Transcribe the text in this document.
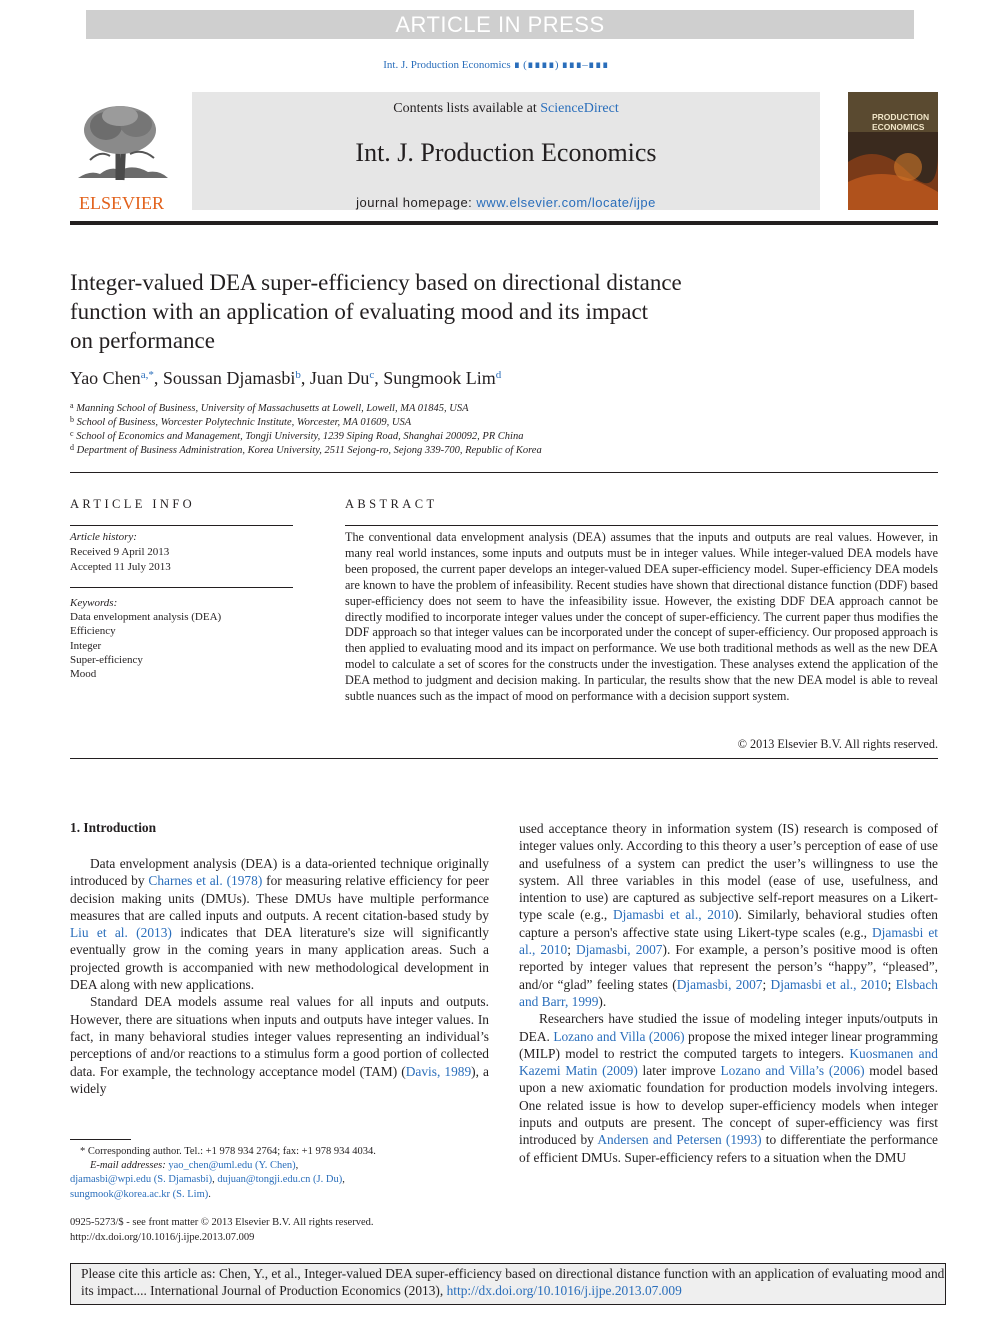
ARTICLE IN PRESS
Int. J. Production Economics ∎ (∎∎∎∎) ∎∎∎–∎∎∎
ELSEVIER
Contents lists available at ScienceDirect
Int. J. Production Economics
journal homepage: www.elsevier.com/locate/ijpe
PRODUCTION
ECONOMICS
Integer-valued DEA super-efficiency based on directional distance
function with an application of evaluating mood and its impact
on performance
Yao Chen$^{a,*}$, Soussan Djamasbi$^b$, Juan Du$^c$, Sungmook Lim$^d$
$^a$ Manning School of Business, University of Massachusetts at Lowell, Lowell, MA 01845, USA
$^b$ School of Business, Worcester Polytechnic Institute, Worcester, MA 01609, USA
$^c$ School of Economics and Management, Tongji University, 1239 Siping Road, Shanghai 200092, PR China
$^d$ Department of Business Administration, Korea University, 2511 Sejong-ro, Sejong 339-700, Republic of Korea
ARTICLE INFO
Article history:
Received 9 April 2013
Accepted 11 July 2013
Keywords:
Data envelopment analysis (DEA)
Efficiency
Integer
Super-efficiency
Mood
ABSTRACT
The conventional data envelopment analysis (DEA) assumes that the inputs and outputs are real values. However, in many real world instances, some inputs and outputs must be in integer values. While integer-valued DEA models have been proposed, the current paper develops an integer-valued DEA super-efficiency model. Super-efficiency DEA models are known to have the problem of infeasibility. Recent studies have shown that directional distance function (DDF) based super-efficiency does not seem to have the infeasibility issue. However, the existing DDF DEA approach cannot be directly modified to incorporate integer values under the concept of super-efficiency. The current paper thus modifies the DDF approach so that integer values can be incorporated under the concept of super-efficiency. Our proposed approach is then applied to evaluating mood and its impact on performance. We use both traditional methods as well as the new DEA model to calculate a set of scores for the constructs under the investigation. These analyses extend the application of the DEA method to judgment and decision making. In particular, the results show that the new DEA model is able to reveal subtle nuances such as the impact of mood on performance with a decision support system.
© 2013 Elsevier B.V. All rights reserved.
1. Introduction

Data envelopment analysis (DEA) is a data-oriented technique originally introduced by Charnes et al. (1978) for measuring relative efficiency for peer decision making units (DMUs). These DMUs have multiple performance measures that are called inputs and outputs. A recent citation-based study by Liu et al. (2013) indicates that DEA literature's size will significantly eventually grow in the coming years in many application areas. Such a projected growth is accompanied with new methodological development in DEA along with new applications.

Standard DEA models assume real values for all inputs and outputs. However, there are situations when inputs and outputs have integer values. In fact, in many behavioral studies integer values representing an individual’s perceptions of and/or reactions to a stimulus form a good portion of collected data. For example, the technology acceptance model (TAM) (Davis, 1989), a widely

used acceptance theory in information system (IS) research is composed of integer values only. According to this theory a user’s perception of ease of use and usefulness of a system can predict the user’s willingness to use the system. All three variables in this model (ease of use, usefulness, and intention to use) are captured as subjective self-report measures on a Likert-type scale (e.g., Djamasbi et al., 2010). Similarly, behavioral studies often capture a person's affective state using Likert-type scales (e.g., Djamasbi et al., 2010; Djamasbi, 2007). For example, a person’s positive mood is often reported by integer values that represent the person’s “happy”, “pleased”, and/or “glad” feeling states (Djamasbi, 2007; Djamasbi et al., 2010; Elsbach and Barr, 1999).

Researchers have studied the issue of modeling integer inputs/outputs in DEA. Lozano and Villa (2006) propose the mixed integer linear programming (MILP) model to restrict the computed targets to integers. Kuosmanen and Kazemi Matin (2009) later improve Lozano and Villa’s (2006) model based upon a new axiomatic foundation for production models involving integers. One related issue is how to develop super-efficiency models when integer inputs and outputs are present. The concept of super-efficiency was first introduced by Andersen and Petersen (1993) to differentiate the performance of efficient DMUs. Super-efficiency refers to a situation when the DMU

* Corresponding author. Tel.: +1 978 934 2764; fax: +1 978 934 4034.
E-mail addresses: yao_chen@uml.edu (Y. Chen),
djamasbi@wpi.edu (S. Djamasbi), dujuan@tongji.edu.cn (J. Du),
sungmook@korea.ac.kr (S. Lim).
0925-5273/$ - see front matter © 2013 Elsevier B.V. All rights reserved.
http://dx.doi.org/10.1016/j.ijpe.2013.07.009
Please cite this article as: Chen, Y., et al., Integer-valued DEA super-efficiency based on directional distance function with an application of evaluating mood and its impact.... International Journal of Production Economics (2013), http://dx.doi.org/10.1016/j.ijpe.2013.07.009
